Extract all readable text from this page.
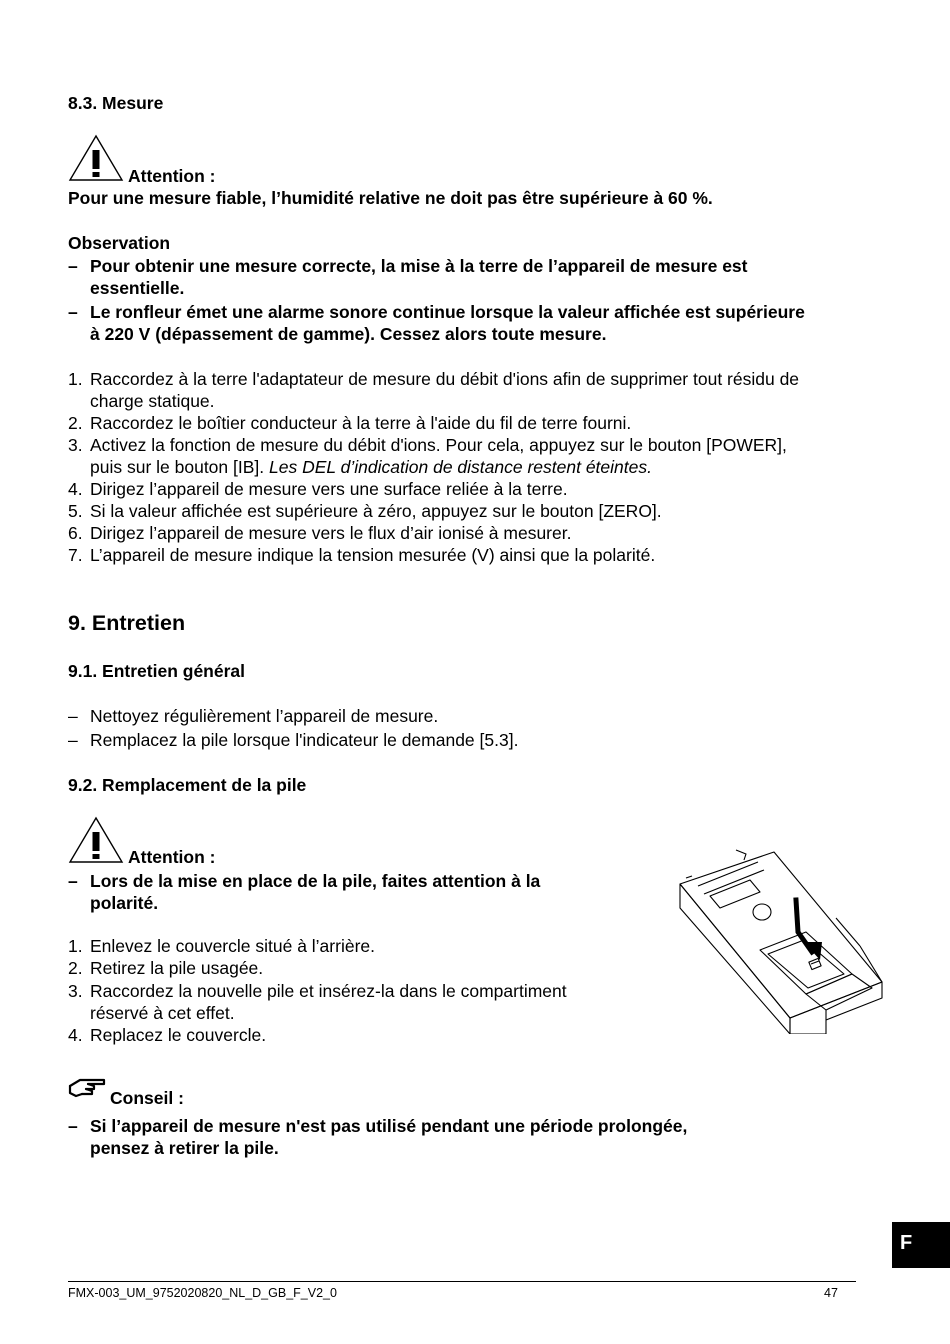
8.3. Mesure
Attention :
Pour une mesure fiable, l’humidité relative ne doit pas être supérieure à 60 %.
Observation
– Pour obtenir une mesure correcte, la mise à la terre de l’appareil de mesure est
essentielle.
– Le ronfleur émet une alarme sonore continue lorsque la valeur affichée est supérieure
à 220 V (dépassement de gamme). Cessez alors toute mesure.
1. Raccordez à la terre l'adaptateur de mesure du débit d'ions afin de supprimer tout résidu de
charge statique.
2. Raccordez le boîtier conducteur à la terre à l'aide du fil de terre fourni.
3. Activez la fonction de mesure du débit d'ions. Pour cela, appuyez sur le bouton [POWER],
puis sur le bouton [IB]. Les DEL d’indication de distance restent éteintes.
4. Dirigez l’appareil de mesure vers une surface reliée à la terre.
5. Si la valeur affichée est supérieure à zéro, appuyez sur le bouton [ZERO].
6. Dirigez l’appareil de mesure vers le flux d’air ionisé à mesurer.
7. L’appareil de mesure indique la tension mesurée (V) ainsi que la polarité.
9. Entretien
9.1. Entretien général
– Nettoyez régulièrement l’appareil de mesure.
– Remplacez la pile lorsque l'indicateur le demande [5.3].
9.2. Remplacement de la pile
Attention :
– Lors de la mise en place de la pile, faites attention à la
polarité.
1. Enlevez le couvercle situé à l’arrière.
2. Retirez la pile usagée.
3. Raccordez la nouvelle pile et insérez-la dans le compartiment
réservé à cet effet.
4. Replacez le couvercle.
Conseil :
– Si l’appareil de mesure n'est pas utilisé pendant une période prolongée,
pensez à retirer la pile.
F
FMX-003_UM_9752020820_NL_D_GB_F_V2_0	47
